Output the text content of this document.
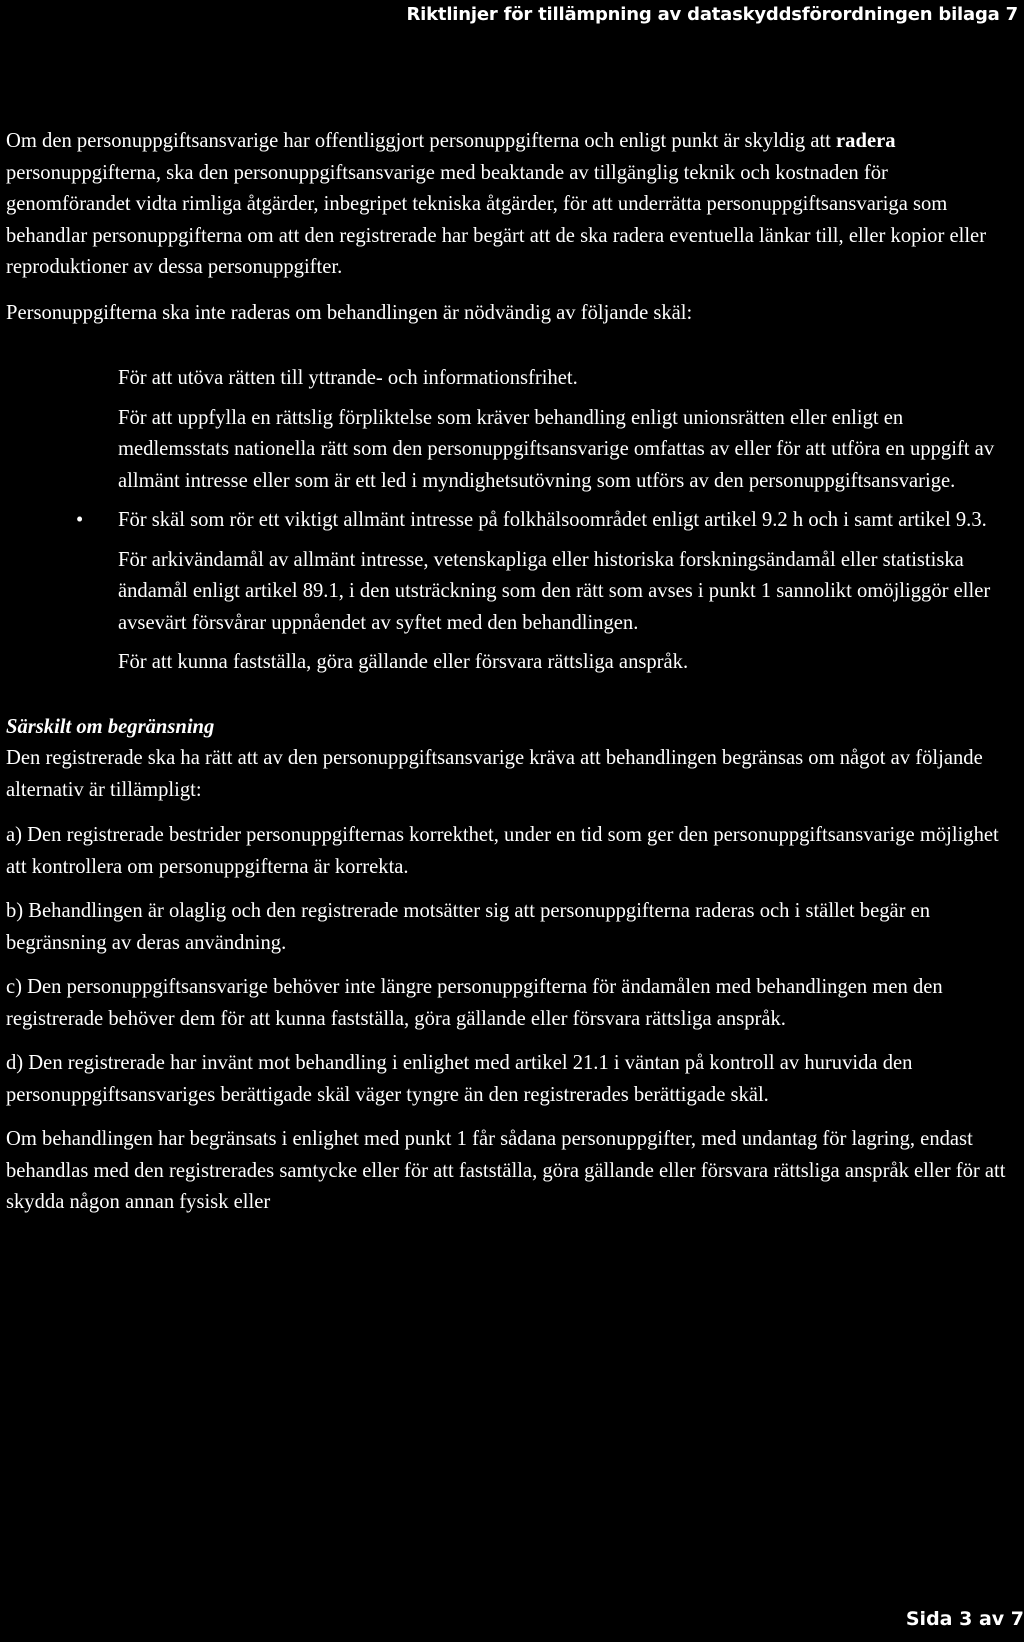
Riktlinjer för tillämpning av dataskyddsförordningen bilaga 7

Om den personuppgiftsansvarige har offentliggjort personuppgifterna och enligt punkt är skyldig att radera personuppgifterna, ska den personuppgiftsansvarige med beaktande av tillgänglig teknik och kostnaden för genomförandet vidta rimliga åtgärder, inbegripet tekniska åtgärder, för att underrätta personuppgiftsansvariga som behandlar personuppgifterna om att den registrerade har begärt att de ska radera eventuella länkar till, eller kopior eller reproduktioner av dessa personuppgifter.

Personuppgifterna ska inte raderas om behandlingen är nödvändig av följande skäl:

För att utöva rätten till yttrande- och informationsfrihet.
För att uppfylla en rättslig förpliktelse som kräver behandling enligt unionsrätten eller enligt en medlemsstats nationella rätt som den personuppgiftsansvarige omfattas av eller för att utföra en uppgift av allmänt intresse eller som är ett led i myndighetsutövning som utförs av den personuppgiftsansvarige.
• För skäl som rör ett viktigt allmänt intresse på folkhälsoområdet enligt artikel 9.2 h och i samt artikel 9.3.
För arkivändamål av allmänt intresse, vetenskapliga eller historiska forskningsändamål eller statistiska ändamål enligt artikel 89.1, i den utsträckning som den rätt som avses i punkt 1 sannolikt omöjliggör eller avsevärt försvårar uppnåendet av syftet med den behandlingen.
För att kunna fastställa, göra gällande eller försvara rättsliga anspråk.
Särskilt om begränsning

Den registrerade ska ha rätt att av den personuppgiftsansvarige kräva att behandlingen begränsas om något av följande alternativ är tillämpligt:

a) Den registrerade bestrider personuppgifternas korrekthet, under en tid som ger den personuppgiftsansvarige möjlighet att kontrollera om personuppgifterna är korrekta.

b) Behandlingen är olaglig och den registrerade motsätter sig att personuppgifterna raderas och i stället begär en begränsning av deras användning.

c) Den personuppgiftsansvarige behöver inte längre personuppgifterna för ändamålen med behandlingen men den registrerade behöver dem för att kunna fastställa, göra gällande eller försvara rättsliga anspråk.

d) Den registrerade har invänt mot behandling i enlighet med artikel 21.1 i väntan på kontroll av huruvida den personuppgiftsansvariges berättigade skäl väger tyngre än den registrerades berättigade skäl.

Om behandlingen har begränsats i enlighet med punkt 1 får sådana personuppgifter, med undantag för lagring, endast behandlas med den registrerades samtycke eller för att fastställa, göra gällande eller försvara rättsliga anspråk eller för att skydda någon annan fysisk eller

Sida 3 av 7
